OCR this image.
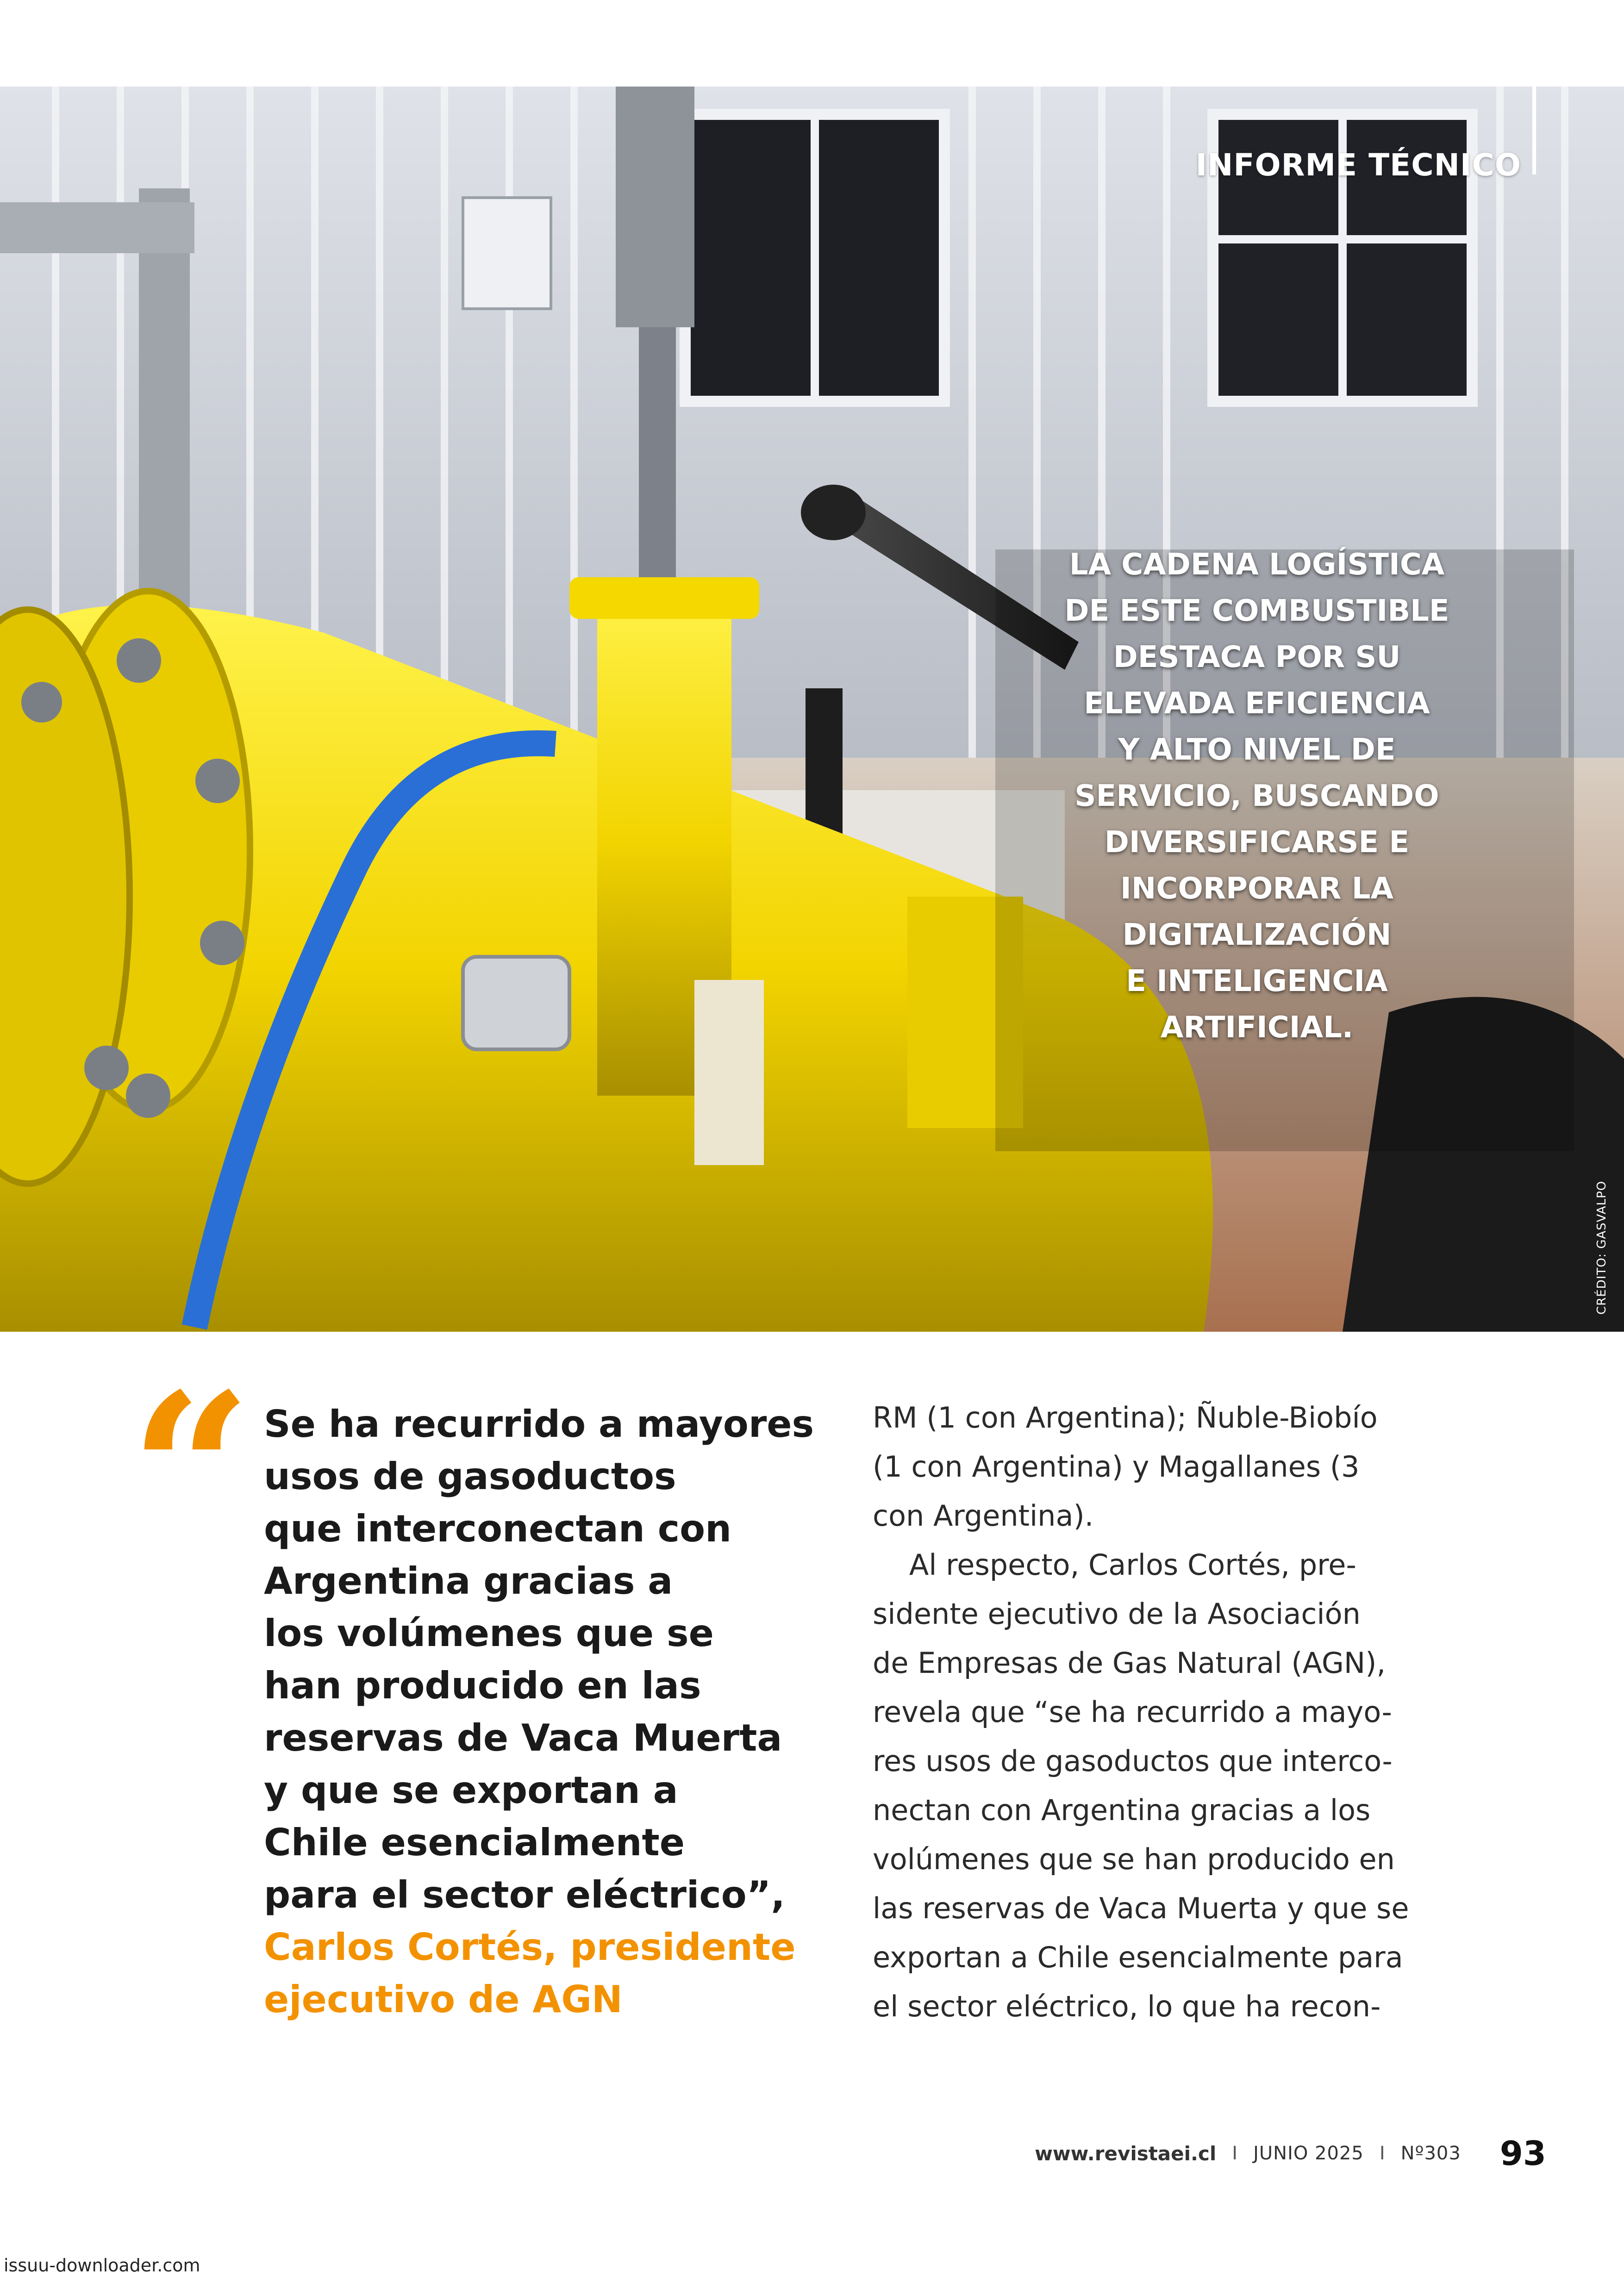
INFORME TÉCNICO
LA CADENA LOGÍSTICA
DE ESTE COMBUSTIBLE
DESTACA POR SU
ELEVADA EFICIENCIA
Y ALTO NIVEL DE
SERVICIO, BUSCANDO
DIVERSIFICARSE E
INCORPORAR LA
DIGITALIZACIÓN
E INTELIGENCIA
ARTIFICIAL.
CRÉDITO: GASVALPO
“ Se ha recurrido a mayores
usos de gasoductos
que interconectan con
Argentina gracias a
los volúmenes que se
han producido en las
reservas de Vaca Muerta
y que se exportan a
Chile esencialmente
para el sector eléctrico”,
Carlos Cortés, presidente
ejecutivo de AGN
RM (1 con Argentina); Ñuble-Biobío
(1 con Argentina) y Magallanes (3
con Argentina).
Al respecto, Carlos Cortés, pre-
sidente ejecutivo de la Asociación
de Empresas de Gas Natural (AGN),
revela que “se ha recurrido a mayo-
res usos de gasoductos que interco-
nectan con Argentina gracias a los
volúmenes que se han producido en
las reservas de Vaca Muerta y que se
exportan a Chile esencialmente para
el sector eléctrico, lo que ha recon-
www.revistaei.cl I JUNIO 2025 I Nº303 93
issuu-downloader.com
